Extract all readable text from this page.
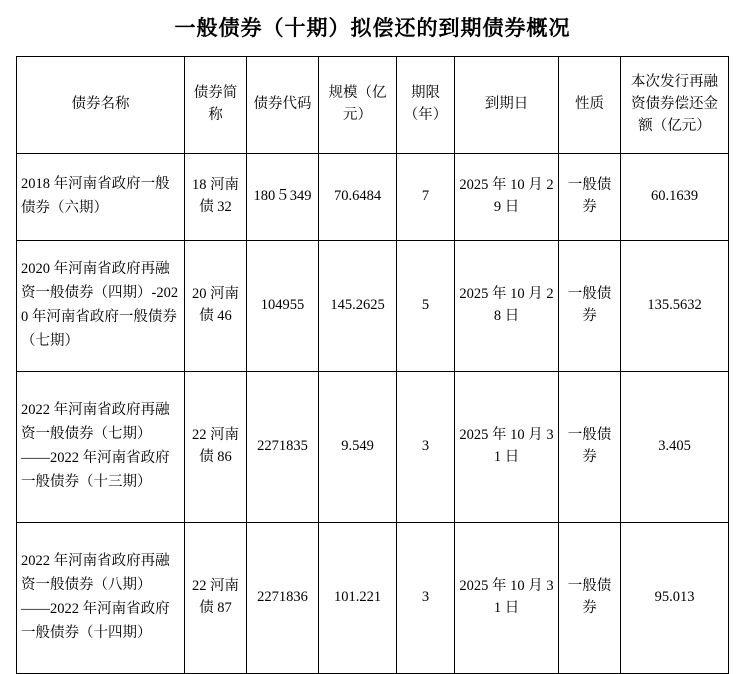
一般债券（十期）拟偿还的到期债券概况
债券名称	债券简称	债券代码	规模（亿元）	期限（年）	到期日	性质	本次发行再融资债券偿还金额（亿元）
2018 年河南省政府一般债券（六期）	18 河南债 32	180５349	70.6484	7	2025 年 10 月 29 日	一般债券	60.1639
2020 年河南省政府再融资一般债券（四期）-2020 年河南省政府一般债券（七期）	20 河南债 46	104955	145.2625	5	2025 年 10 月 28 日	一般债券	135.5632
2022 年河南省政府再融资一般债券（七期）——2022 年河南省政府一般债券（十三期）	22 河南债 86	2271835	9.549	3	2025 年 10 月 31 日	一般债券	3.405
2022 年河南省政府再融资一般债券（八期）——2022 年河南省政府一般债券（十四期）	22 河南债 87	2271836	101.221	3	2025 年 10 月 31 日	一般债券	95.013
